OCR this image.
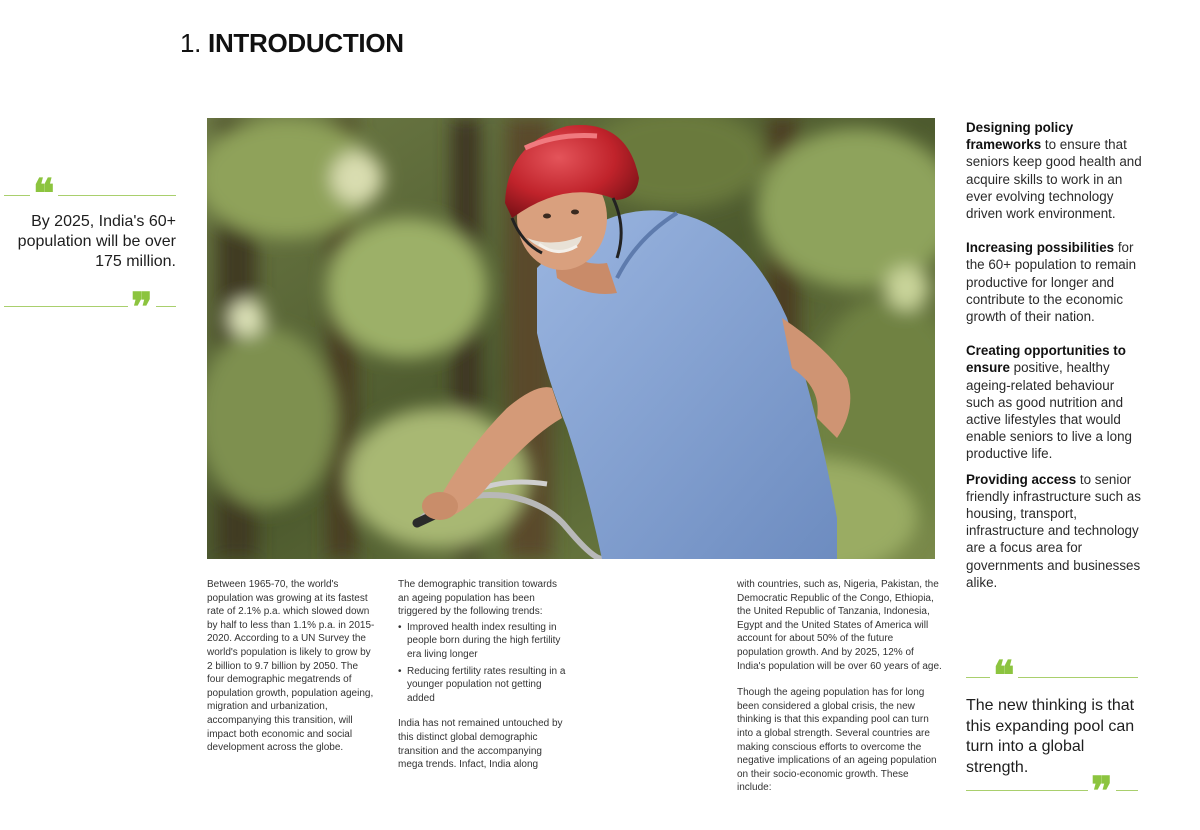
1. INTRODUCTION
❝
By 2025, India's 60+ population will be over 175 million.
❞

Between 1965-70, the world's population was growing at its fastest rate of 2.1% p.a. which slowed down by half to less than 1.1% p.a. in 2015-2020. According to a UN Survey the world's population is likely to grow by 2 billion to 9.7 billion by 2050. The four demographic megatrends of population growth, population ageing, migration and urbanization, accompanying this transition, will impact both economic and social development across the globe.

The demographic transition towards an ageing population has been triggered by the following trends:

• Improved health index resulting in people born during the high fertility era living longer
• Reducing fertility rates resulting in a younger population not getting added

India has not remained untouched by this distinct global demographic transition and the accompanying mega trends. Infact, India along

with countries, such as, Nigeria, Pakistan, the Democratic Republic of the Congo, Ethiopia, the United Republic of Tanzania, Indonesia, Egypt and the United States of America will account for about 50% of the future population growth. And by 2025, 12% of India's population will be over 60 years of age.

Though the ageing population has for long been considered a global crisis, the new thinking is that this expanding pool can turn into a global strength. Several countries are making conscious efforts to overcome the negative implications of an ageing population on their socio-economic growth. These include:

Designing policy frameworks to ensure that seniors keep good health and acquire skills to work in an ever evolving technology driven work environment.
Increasing possibilities for the 60+ population to remain productive for longer and contribute to the economic growth of their nation.
Creating opportunities to ensure positive, healthy ageing-related behaviour such as good nutrition and active lifestyles that would enable seniors to live a long productive life.
Providing access to senior friendly infrastructure such as housing, transport, infrastructure and technology are a focus area for governments and businesses alike.
❝
The new thinking is that this expanding pool can turn into a global strength.
❞
